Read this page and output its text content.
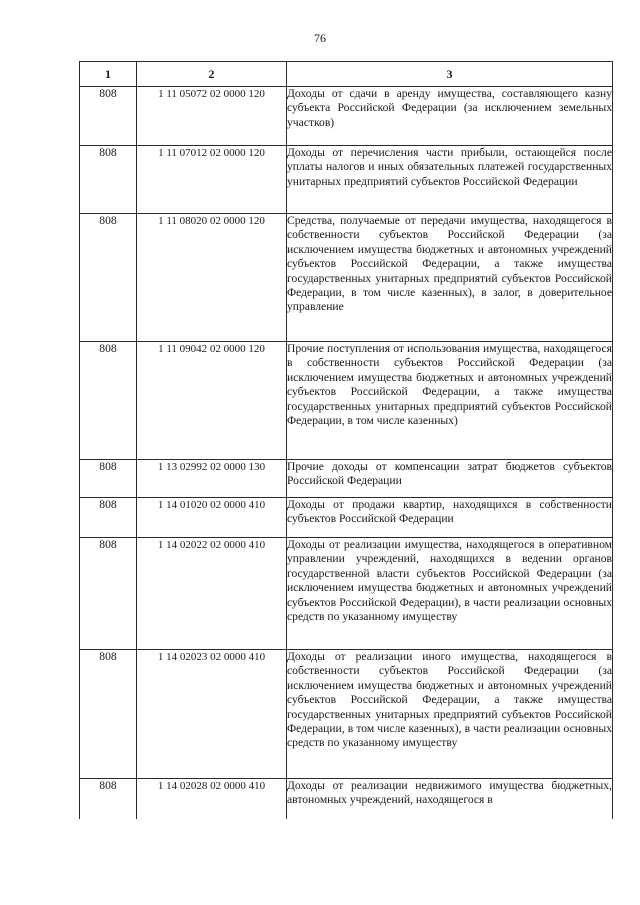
76
1	2	3
808	1 11 05072 02 0000 120	Доходы от сдачи в аренду имущества, составляющего казну субъекта Российской Федерации (за исключением земельных участков)
808	1 11 07012 02 0000 120	Доходы от перечисления части прибыли, остающейся после уплаты налогов и иных обязательных платежей государственных унитарных предприятий субъектов Российской Федерации
808	1 11 08020 02 0000 120	Средства, получаемые от передачи имущества, находящегося в собственности субъектов Российской Федерации (за исключением имущества бюджетных и автономных учреждений субъектов Российской Федерации, а также имущества государственных унитарных предприятий субъектов Российской Федерации, в том числе казенных), в залог, в доверительное управление
808	1 11 09042 02 0000 120	Прочие поступления от использования имущества, находящегося в собственности субъектов Российской Федерации (за исключением имущества бюджетных и автономных учреждений субъектов Российской Федерации, а также имущества государственных унитарных предприятий субъектов Российской Федерации, в том числе казенных)
808	1 13 02992 02 0000 130	Прочие доходы от компенсации затрат бюджетов субъектов Российской Федерации
808	1 14 01020 02 0000 410	Доходы от продажи квартир, находящихся в собственности субъектов Российской Федерации
808	1 14 02022 02 0000 410	Доходы от реализации имущества, находящегося в оперативном управлении учреждений, находящихся в ведении органов государственной власти субъектов Российской Федерации (за исключением имущества бюджетных и автономных учреждений субъектов Российской Федерации), в части реализации основных средств по указанному имуществу
808	1 14 02023 02 0000 410	Доходы от реализации иного имущества, находящегося в собственности субъектов Российской Федерации (за исключением имущества бюджетных и автономных учреждений субъектов Российской Федерации, а также имущества государственных унитарных предприятий субъектов Российской Федерации, в том числе казенных), в части реализации основных средств по указанному имуществу
808	1 14 02028 02 0000 410	Доходы от реализации недвижимого имущества бюджетных, автономных учреждений, находящегося в
